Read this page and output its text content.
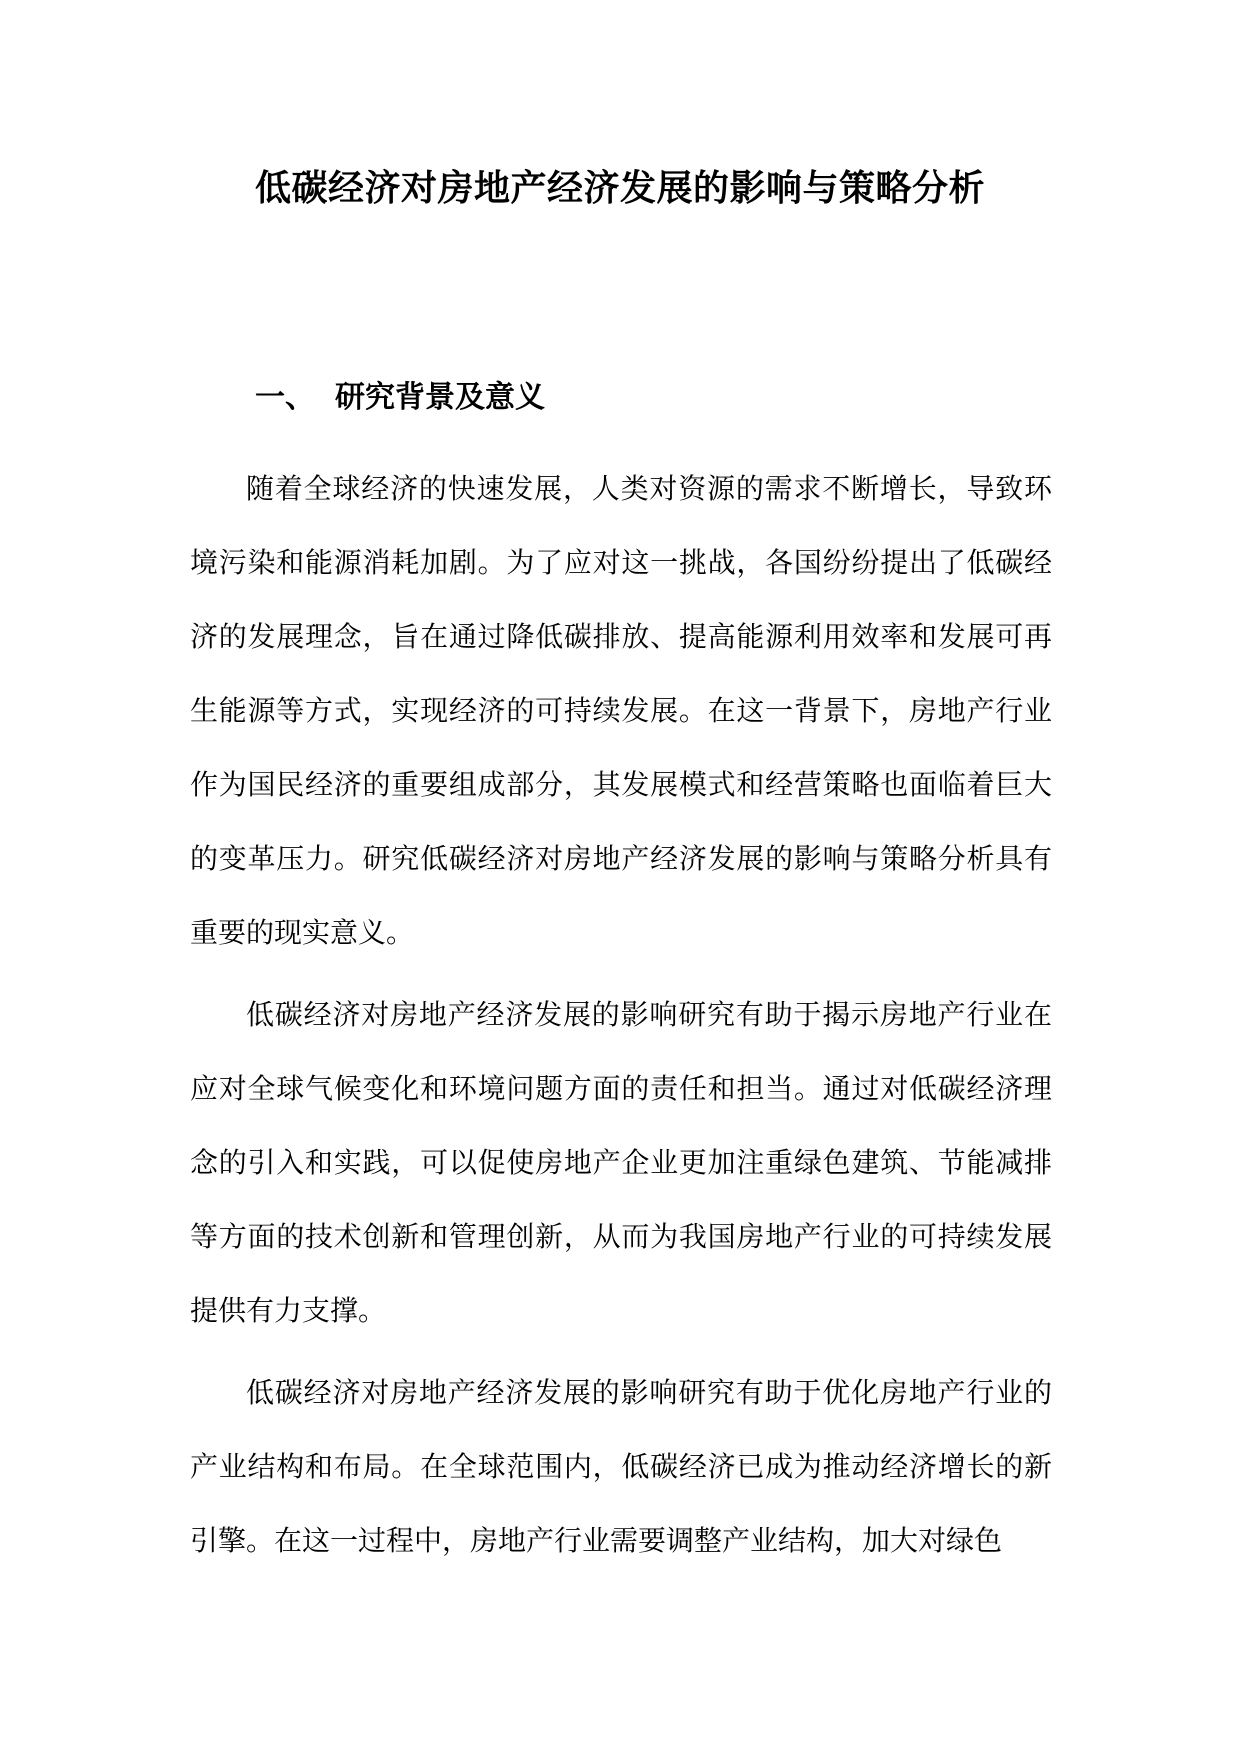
低碳经济对房地产经济发展的影响与策略分析
一、 研究背景及意义

随着全球经济的快速发展，人类对资源的需求不断增长，导致环境污染和能源消耗加剧。为了应对这一挑战，各国纷纷提出了低碳经济的发展理念，旨在通过降低碳排放、提高能源利用效率和发展可再生能源等方式，实现经济的可持续发展。在这一背景下，房地产行业作为国民经济的重要组成部分，其发展模式和经营策略也面临着巨大的变革压力。研究低碳经济对房地产经济发展的影响与策略分析具有重要的现实意义。

低碳经济对房地产经济发展的影响研究有助于揭示房地产行业在应对全球气候变化和环境问题方面的责任和担当。通过对低碳经济理念的引入和实践，可以促使房地产企业更加注重绿色建筑、节能减排等方面的技术创新和管理创新，从而为我国房地产行业的可持续发展提供有力支撑。

低碳经济对房地产经济发展的影响研究有助于优化房地产行业的产业结构和布局。在全球范围内，低碳经济已成为推动经济增长的新引擎。在这一过程中，房地产行业需要调整产业结构，加大对绿色
